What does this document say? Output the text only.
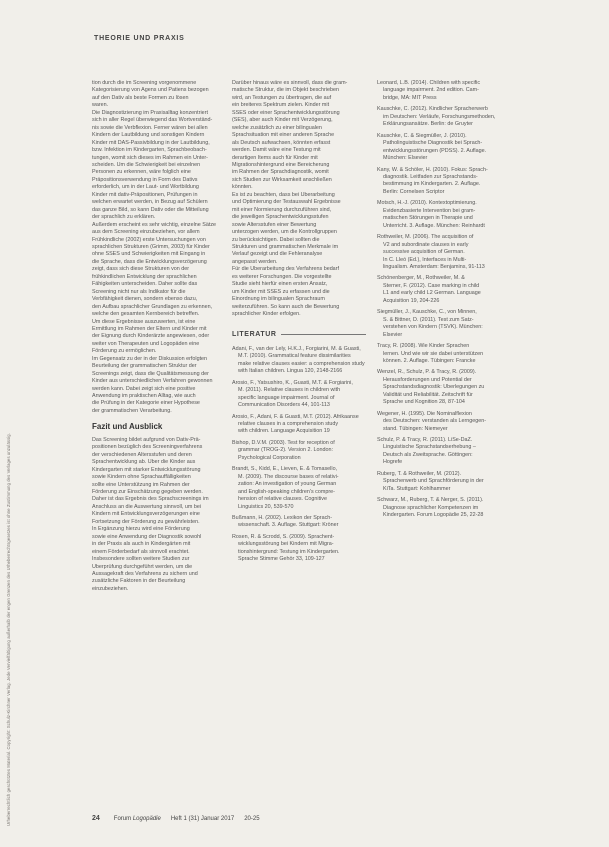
Urheberrechtlich geschütztes Material. Copyright: Schulz-Kirchner Verlag. Jede Vervielfältigung außerhalb der engen Grenzen des Urheberrechtsgesetzes ist ohne Zustimmung des Verlages unzulässig.
THEORIE UND PRAXIS
tion durch die im Screening vorgenommene
Kategorisierung von Agens und Patiens bezogen
auf den Dativ als beste Formen zu lösen
waren.
Die Diagnostizierung im Praxisalltag konzentriert
sich in aller Regel überwiegend das Wortverständ-
nis sowie die Verbflexion. Ferner wären bei allen
Kindern der Lautbildung und sonstigen Kindern
Kinder mit DAS-Passivbildung in der Lautbildung,
bzw. Infektion im Kindergarten, Sprachbeobach-
tungen, womit sich dieses im Rahmen ein Unter-
scheiden. Um die Schwierigkeit bei einzelnen
Personen zu erkennen, wäre folglich eine
Präpositionsverwendung in Form des Dativs
erforderlich, um in der Laut- und Wortbildung
Kinder mit dativ-Präpositionen, Prüfungen in
welchen erwartet werden, in Bezug auf Schülern
das ganze Bild, so kann Dativ oder die Mitteilung
der sprachlich zu erklären.
Außerdem erscheint es sehr wichtig, einzelne Sätze
aus dem Screening einzubeziehen, vor allem
Frühkindliche (2002) erste Untersuchungen von
sprachlichen Strukturen (Grimm, 2003) für Kinder
ohne SSES und Schwierigkeiten mit Eingang in
die Sprache, dass die Entwicklungsverzögerung
zeigt, dass sich diese Strukturen von der
frühkindlichen Entwicklung der sprachlichen
Fähigkeiten unterscheiden. Daher sollte das
Screening nicht nur als Indikator für die
Verbfähigkeit dienen, sondern ebenso dazu,
den Aufbau sprachlicher Grundlagen zu erkennen,
welche den gesamten Kernbereich betreffen.
Um diese Ergebnisse auszuwerten, ist eine
Ermittlung im Rahmen der Eltern und Kinder mit
der Eignung durch Kinderärzte angewiesen, oder
weiter von Therapeuten und Logopäden eine
Förderung zu ermöglichen.
Im Gegensatz zu der in der Diskussion erfolgten
Beurteilung der grammatischen Struktur der
Screenings zeigt, dass die Qualitätsmessung der
Kinder aus unterschiedlichen Verfahren gewonnen
werden kann. Dabei zeigt sich eine positive
Anwendung im praktischen Alltag, wie auch
die Prüfung in der Kategorie einer Hypothese
der grammatischen Verarbeitung.
Fazit und Ausblick
Das Screening bildet aufgrund von Dativ-Prä-
positionen bezüglich des Screeningverfahrens
der verschiedenen Altersstufen und deren
Sprachentwicklung ab. Über die Kinder aus
Kindergarten mit starker Entwicklungsstörung
sowie Kindern ohne Sprachauffälligkeiten
sollte eine Unterstützung im Rahmen der
Förderung zur Einschätzung gegeben werden.
Daher ist das Ergebnis des Sprachscreenings im
Anschluss an die Auswertung sinnvoll, um bei
Kindern mit Entwicklungsverzögerungen eine
Fortsetzung der Förderung zu gewährleisten.
In Ergänzung hierzu wird eine Förderung
sowie eine Anwendung der Diagnostik sowohl
in der Praxis als auch in Kindergärten mit
einem Förderbedarf als sinnvoll erachtet.
Insbesondere sollten weitere Studien zur
Überprüfung durchgeführt werden, um die
Aussagekraft des Verfahrens zu sichern und
zusätzliche Faktoren in der Beurteilung
einzubeziehen.
Darüber hinaus wäre es sinnvoll, dass die gram-
matische Struktur, die im Objekt beschrieben
wird, an Testungen zu übertragen, die auf
ein breiteres Spektrum zielen. Kinder mit
SSES oder einer Sprachentwicklungsstörung
(SES), aber auch Kinder mit Verzögerung,
welche zusätzlich zu einer bilingualen
Sprachsituation mit einer anderen Sprache
als Deutsch aufwachsen, könnten erfasst
werden. Damit wäre eine Testung mit
derartigen Items auch für Kinder mit
Migrationshintergrund eine Bereicherung
im Rahmen der Sprachdiagnostik, womit
sich Studien zur Wirksamkeit anschließen
könnten.
Es ist zu beachten, dass bei Überarbeitung
und Optimierung der Testauswahl Ergebnisse
mit einer Normierung durchzuführen sind,
die jeweiligen Sprachentwicklungsstufen
sowie Altersstufen einer Bewertung
unterzogen werden, um die Kontrollgruppen
zu berücksichtigen. Dabei sollten die
Strukturen und grammatischen Merkmale im
Verlauf gezeigt und die Fehleranalyse
angepasst werden.
Für die Überarbeitung des Verfahrens bedarf
es weiterer Forschungen. Die vorgestellte
Studie sieht hierfür einen ersten Ansatz,
um Kinder mit SSES zu erfassen und die
Einordnung im bilingualen Sprachraum
weiterzuführen. So kann auch die Bewertung
sprachlicher Kinder erfolgen.
LITERATUR
Adani, F., van der Lely, H.K.J., Forgiarini, M. & Guasti,
M.T. (2010). Grammatical feature dissimilarities
make relative clauses easier: a comprehension study
with Italian children. Lingua 120, 2148-2166
Arosio, F., Yatsushiro, K., Guasti, M.T. & Forgiarini,
M. (2011). Relative clauses in children with
specific language impairment. Journal of
Communication Disorders 44, 101-113
Arosio, F., Adani, F. & Guasti, M.T. (2012). Afrikaanse
relative clauses in a comprehension study
with children. Language Acquisition 19
Bishop, D.V.M. (2003). Test for reception of
grammar (TROG-2). Version 2. London:
Psychological Corporation
Brandt, S., Kidd, E., Lieven, E. & Tomasello,
M. (2009). The discourse bases of relativi-
zation: An investigation of young German
and English-speaking children's compre-
hension of relative clauses. Cognitive
Linguistics 20, 539-570
Bußmann, H. (2002). Lexikon der Sprach-
wissenschaft. 3. Auflage. Stuttgart: Kröner
Rosen, R. & Scrodd, S. (2009). Sprachent-
wicklungsstörung bei Kindern mit Migra-
tionshintergrund: Testung im Kindergarten.
Sprache Stimme Gehör 33, 109-127
Leonard, L.B. (2014). Children with specific
language impairment. 2nd edition. Cam-
bridge, MA: MIT Press
Kauschke, C. (2012). Kindlicher Spracherwerb
im Deutschen: Verläufe, Forschungsmethoden,
Erklärungsansätze. Berlin: de Gruyter
Kauschke, C. & Siegmüller, J. (2010).
Patholinguistische Diagnostik bei Sprach-
entwicklungsstörungen (PDSS). 2. Auflage.
München: Elsevier
Kany, W. & Schöler, H. (2010). Fokus: Sprach-
diagnostik. Leitfaden zur Sprachstands-
bestimmung im Kindergarten. 2. Auflage.
Berlin: Cornelsen Scriptor
Motsch, H.-J. (2010). Kontextoptimierung.
Evidenzbasierte Intervention bei gram-
matischen Störungen in Therapie und
Unterricht. 3. Auflage. München: Reinhardt
Rothweiler, M. (2006). The acquisition of
V2 and subordinate clauses in early
successive acquisition of German.
In C. Lleó (Ed.), Interfaces in Multi-
lingualism. Amsterdam: Benjamins, 91-113
Schönenberger, M., Rothweiler, M. &
Sterner, F. (2012). Case marking in child
L1 and early child L2 German. Language
Acquisition 19, 204-226
Siegmüller, J., Kauschke, C., von Minnen,
S. & Bittner, D. (2011). Test zum Satz-
verstehen von Kindern (TSVK). München:
Elsevier
Tracy, R. (2008). Wie Kinder Sprachen
lernen. Und wie wir sie dabei unterstützen
können. 2. Auflage. Tübingen: Francke
Wenzel, R., Schulz, P. & Tracy, R. (2009).
Herausforderungen und Potential der
Sprachstandsdiagnostik: Überlegungen zu
Validität und Reliabilität. Zeitschrift für
Sprache und Kognition 28, 87-104
Wegener, H. (1995). Die Nominalflexion
des Deutschen: verstanden als Lerngegen-
stand. Tübingen: Niemeyer
Schulz, P. & Tracy, R. (2011). LiSe-DaZ.
Linguistische Sprachstandserhebung –
Deutsch als Zweitsprache. Göttingen:
Hogrefe
Ruberg, T. & Rothweiler, M. (2012).
Spracherwerb und Sprachförderung in der
KiTa. Stuttgart: Kohlhammer
Schwarz, M., Ruberg, T. & Nerger, S. (2011).
Diagnose sprachlicher Kompetenzen im
Kindergarten. Forum Logopädie 25, 22-28
24 Forum Logopädie Heft 1 (31) Januar 2017 20-25
